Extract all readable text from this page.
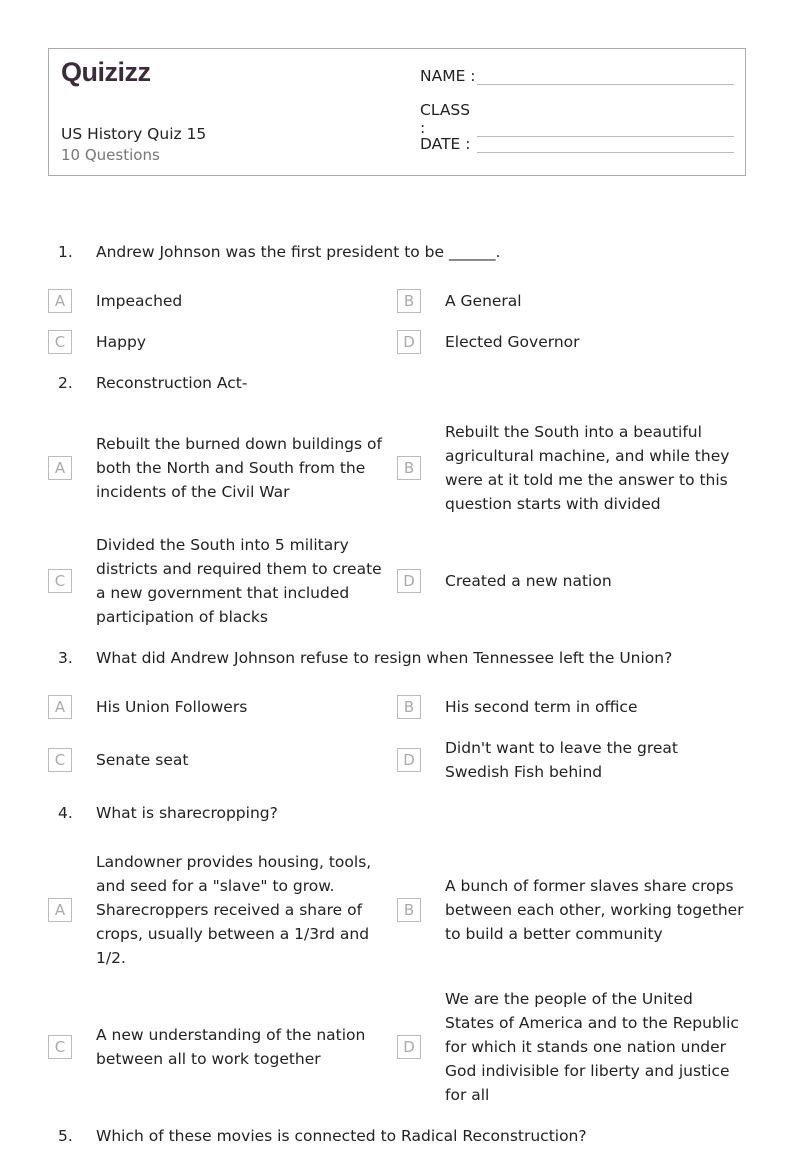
Quizizz
US History Quiz 15
10 Questions
NAME :
CLASS :
DATE :
1.	Andrew Johnson was the first president to be ______.
A	Impeached	B	A General
C	Happy	D	Elected Governor
2.	Reconstruction Act-
A
Rebuilt the burned down buildings of both the North and South from the incidents of the Civil War
B
Rebuilt the South into a beautiful agricultural machine, and while they were at it told me the answer to this question starts with divided
C
Divided the South into 5 military districts and required them to create a new government that included participation of blacks
D	Created a new nation
3.	What did Andrew Johnson refuse to resign when Tennessee left the Union?
A	His Union Followers	B	His second term in office
C	Senate seat	D
Didn't want to leave the great Swedish Fish behind
4.	What is sharecropping?
A
Landowner provides housing, tools, and seed for a "slave" to grow. Sharecroppers received a share of crops, usually between a 1/3rd and 1/2.
B
A bunch of former slaves share crops between each other, working together to build a better community
C
A new understanding of the nation between all to work together
D
We are the people of the United States of America and to the Republic for which it stands one nation under God indivisible for liberty and justice for all
5.	Which of these movies is connected to Radical Reconstruction?
